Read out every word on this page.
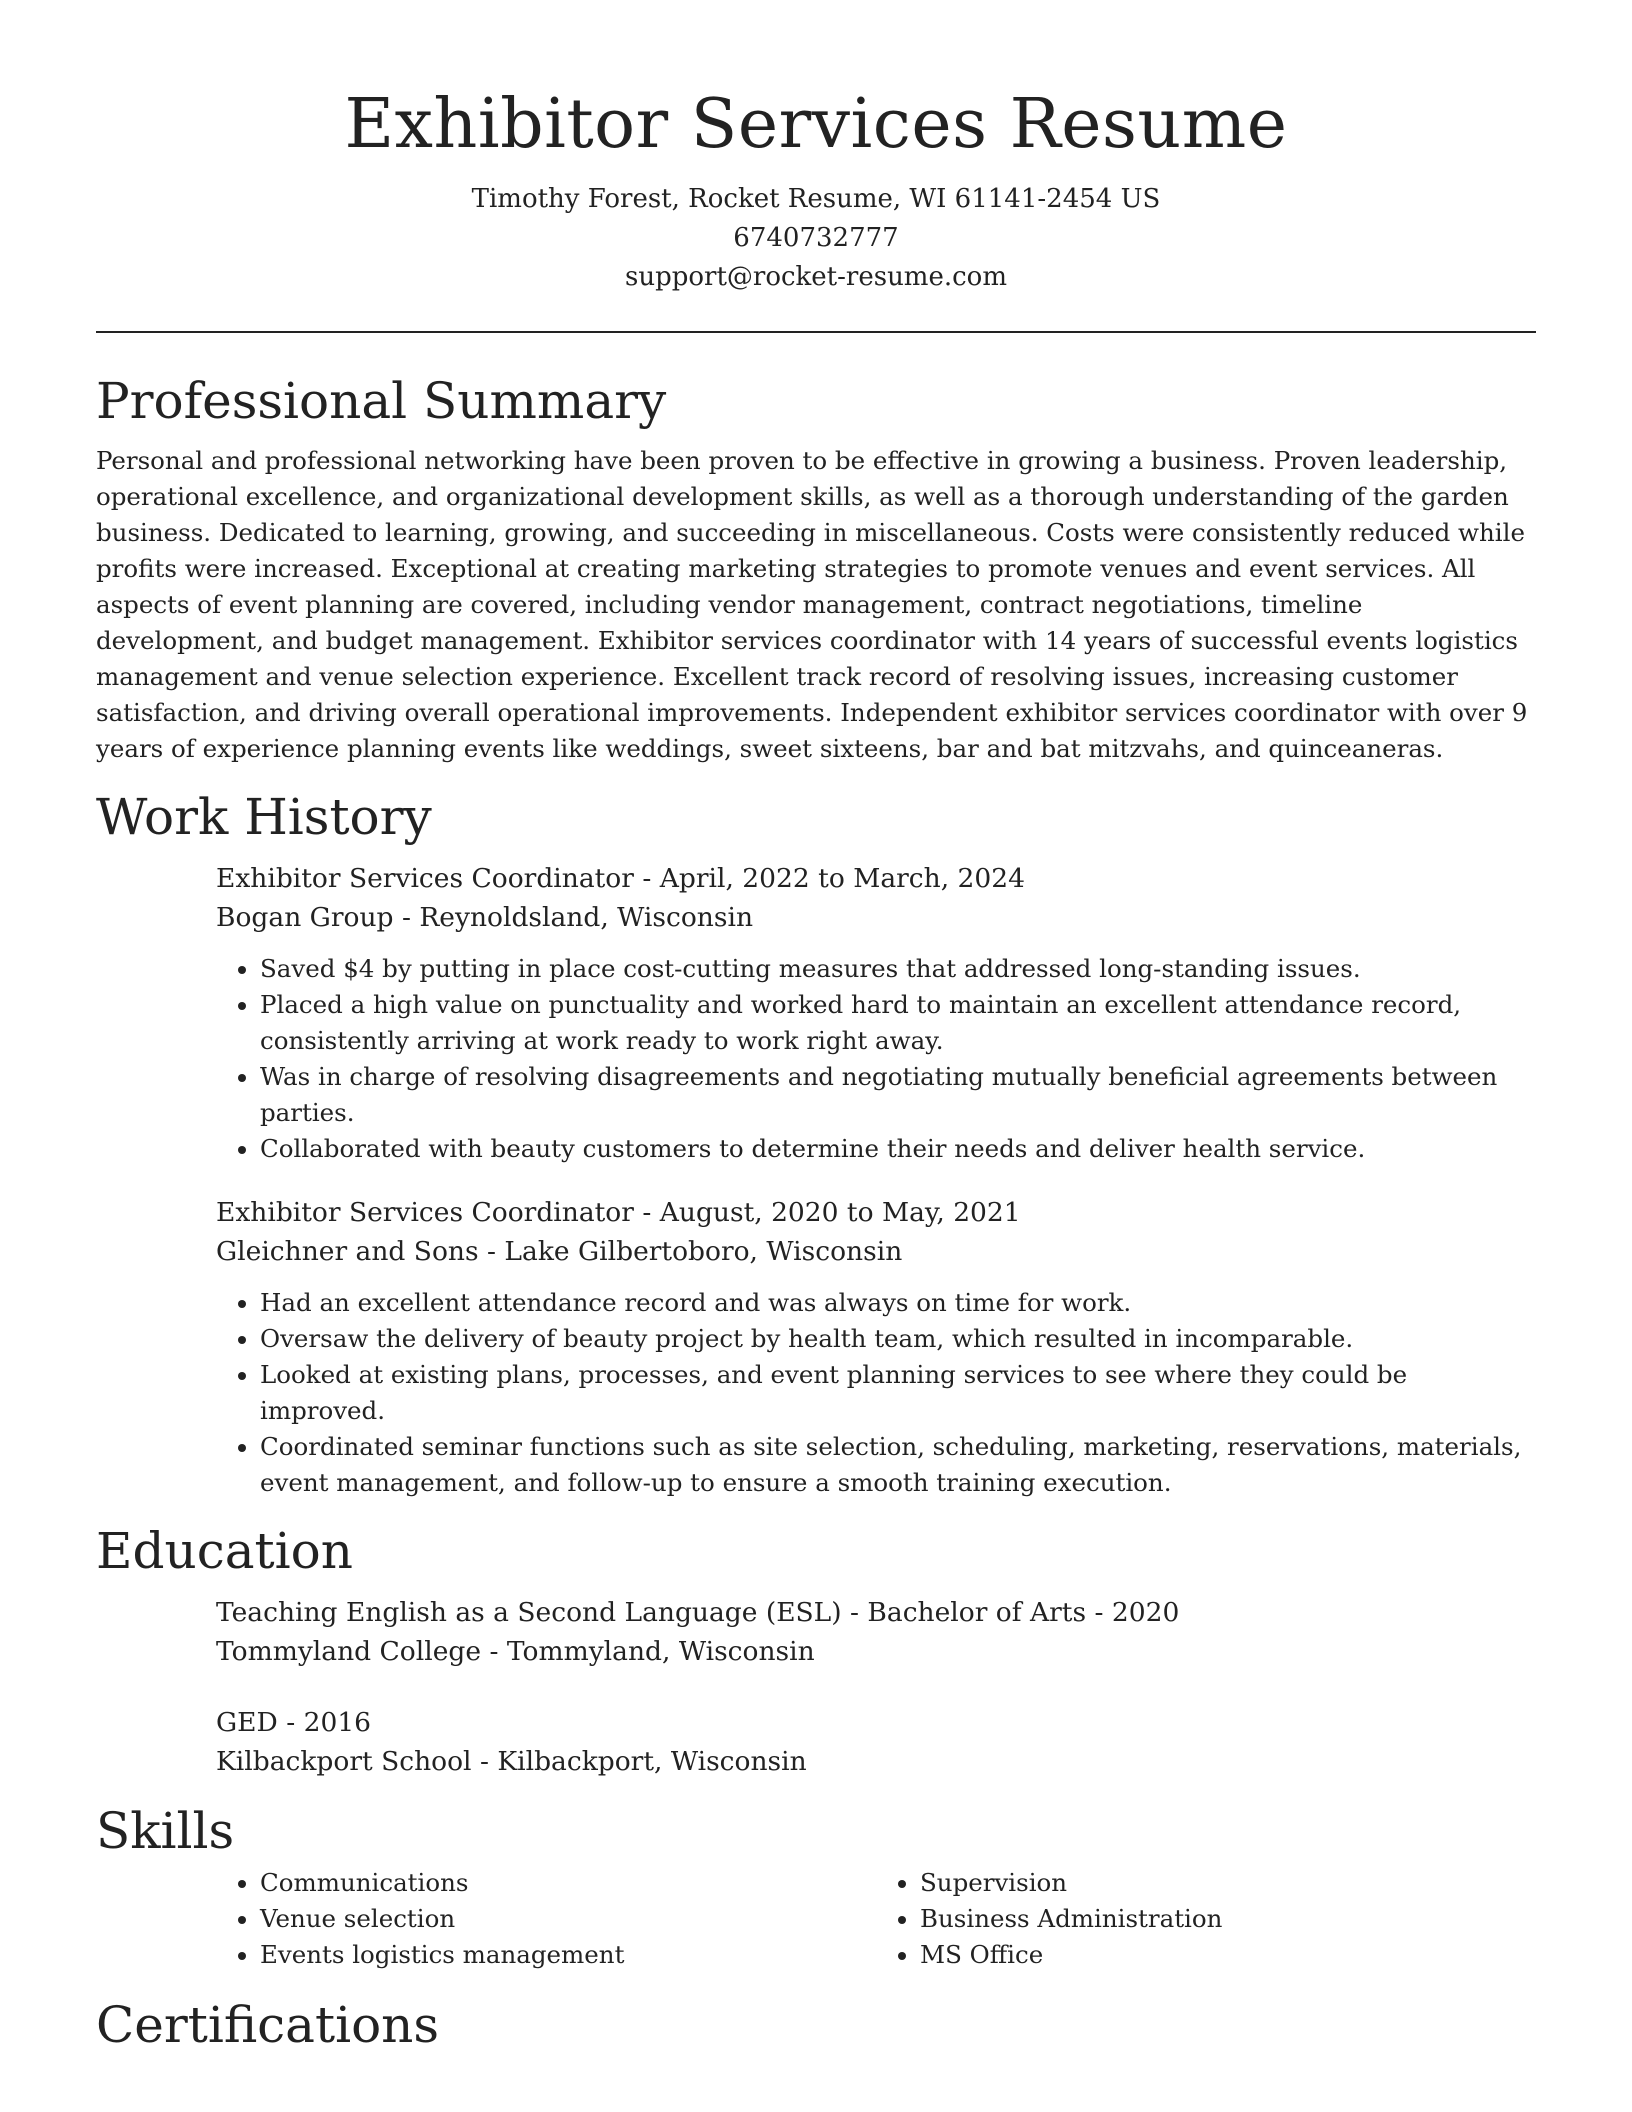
Exhibitor Services Resume
Timothy Forest, Rocket Resume, WI 61141-2454 US
6740732777
support@rocket-resume.com
Professional Summary

Personal and professional networking have been proven to be effective in growing a business. Proven leadership, operational excellence, and organizational development skills, as well as a thorough understanding of the garden business. Dedicated to learning, growing, and succeeding in miscellaneous. Costs were consistently reduced while profits were increased. Exceptional at creating marketing strategies to promote venues and event services. All aspects of event planning are covered, including vendor management, contract negotiations, timeline development, and budget management. Exhibitor services coordinator with 14 years of successful events logistics management and venue selection experience. Excellent track record of resolving issues, increasing customer satisfaction, and driving overall operational improvements. Independent exhibitor services coordinator with over 9 years of experience planning events like weddings, sweet sixteens, bar and bat mitzvahs, and quinceaneras.

Work History
Exhibitor Services Coordinator - April, 2022 to March, 2024
Bogan Group - Reynoldsland, Wisconsin
• Saved $4 by putting in place cost-cutting measures that addressed long-standing issues.
• Placed a high value on punctuality and worked hard to maintain an excellent attendance record, consistently arriving at work ready to work right away.
• Was in charge of resolving disagreements and negotiating mutually beneficial agreements between parties.
• Collaborated with beauty customers to determine their needs and deliver health service.
Exhibitor Services Coordinator - August, 2020 to May, 2021
Gleichner and Sons - Lake Gilbertoboro, Wisconsin
• Had an excellent attendance record and was always on time for work.
• Oversaw the delivery of beauty project by health team, which resulted in incomparable.
• Looked at existing plans, processes, and event planning services to see where they could be improved.
• Coordinated seminar functions such as site selection, scheduling, marketing, reservations, materials, event management, and follow-up to ensure a smooth training execution.
Education
Teaching English as a Second Language (ESL) - Bachelor of Arts - 2020
Tommyland College - Tommyland, Wisconsin
GED - 2016
Kilbackport School - Kilbackport, Wisconsin
Skills
• Communications
• Venue selection
• Events logistics management
• Supervision
• Business Administration
• MS Office
Certifications
